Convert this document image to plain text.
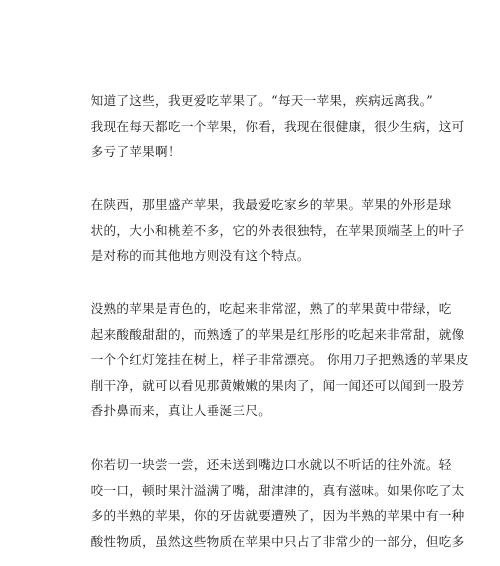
知道了这些，我更爱吃苹果了。“每天一苹果，疾病远离我。”
我现在每天都吃一个苹果，你看，我现在很健康，很少生病，这可
多亏了苹果啊！

在陕西，那里盛产苹果，我最爱吃家乡的苹果。苹果的外形是球
状的，大小和桃差不多，它的外表很独特，在苹果顶端茎上的叶子
是对称的而其他地方则没有这个特点。

没熟的苹果是青色的，吃起来非常涩，熟了的苹果黄中带绿，吃
起来酸酸甜甜的，而熟透了的苹果是红彤彤的吃起来非常甜，就像
一个个红灯笼挂在树上，样子非常漂亮。 你用刀子把熟透的苹果皮
削干净，就可以看见那黄嫩嫩的果肉了，闻一闻还可以闻到一股芳
香扑鼻而来，真让人垂涎三尺。

你若切一块尝一尝，还未送到嘴边口水就以不听话的往外流。轻
咬一口，顿时果汁溢满了嘴，甜津津的，真有滋味。如果你吃了太
多的半熟的苹果，你的牙齿就要遭殃了，因为半熟的苹果中有一种
酸性物质，虽然这些物质在苹果中只占了非常少的一部分，但吃多
